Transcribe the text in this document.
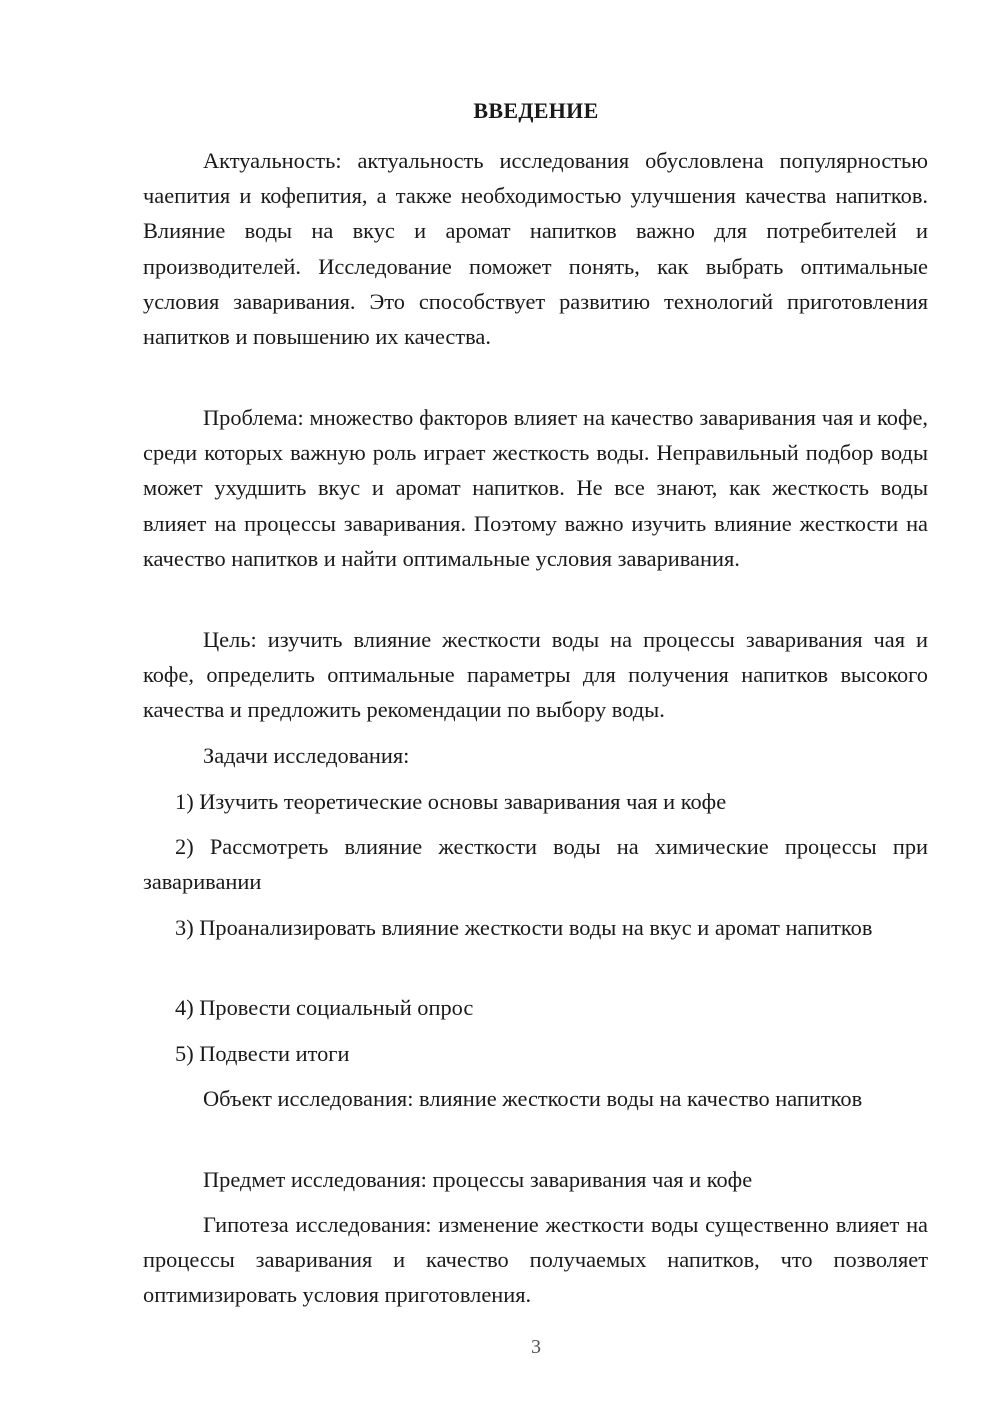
ВВЕДЕНИЕ

Актуальность: актуальность исследования обусловлена популярностью чаепития и кофепития, а также необходимостью улучшения качества напитков. Влияние воды на вкус и аромат напитков важно для потребителей и производителей. Исследование поможет понять, как выбрать оптимальные условия заваривания. Это способствует развитию технологий приготовления напитков и повышению их качества.

Проблема: множество факторов влияет на качество заваривания чая и кофе, среди которых важную роль играет жесткость воды. Неправильный подбор воды может ухудшить вкус и аромат напитков. Не все знают, как жесткость воды влияет на процессы заваривания. Поэтому важно изучить влияние жесткости на качество напитков и найти оптимальные условия заваривания.

Цель: изучить влияние жесткости воды на процессы заваривания чая и кофе, определить оптимальные параметры для получения напитков высокого качества и предложить рекомендации по выбору воды.

Задачи исследования:

1) Изучить теоретические основы заваривания чая и кофе

2) Рассмотреть влияние жесткости воды на химические процессы при заваривании

3) Проанализировать влияние жесткости воды на вкус и аромат напитков

4) Провести социальный опрос

5) Подвести итоги

Объект исследования: влияние жесткости воды на качество напитков

Предмет исследования: процессы заваривания чая и кофе

Гипотеза исследования: изменение жесткости воды существенно влияет на процессы заваривания и качество получаемых напитков, что позволяет оптимизировать условия приготовления.

3
